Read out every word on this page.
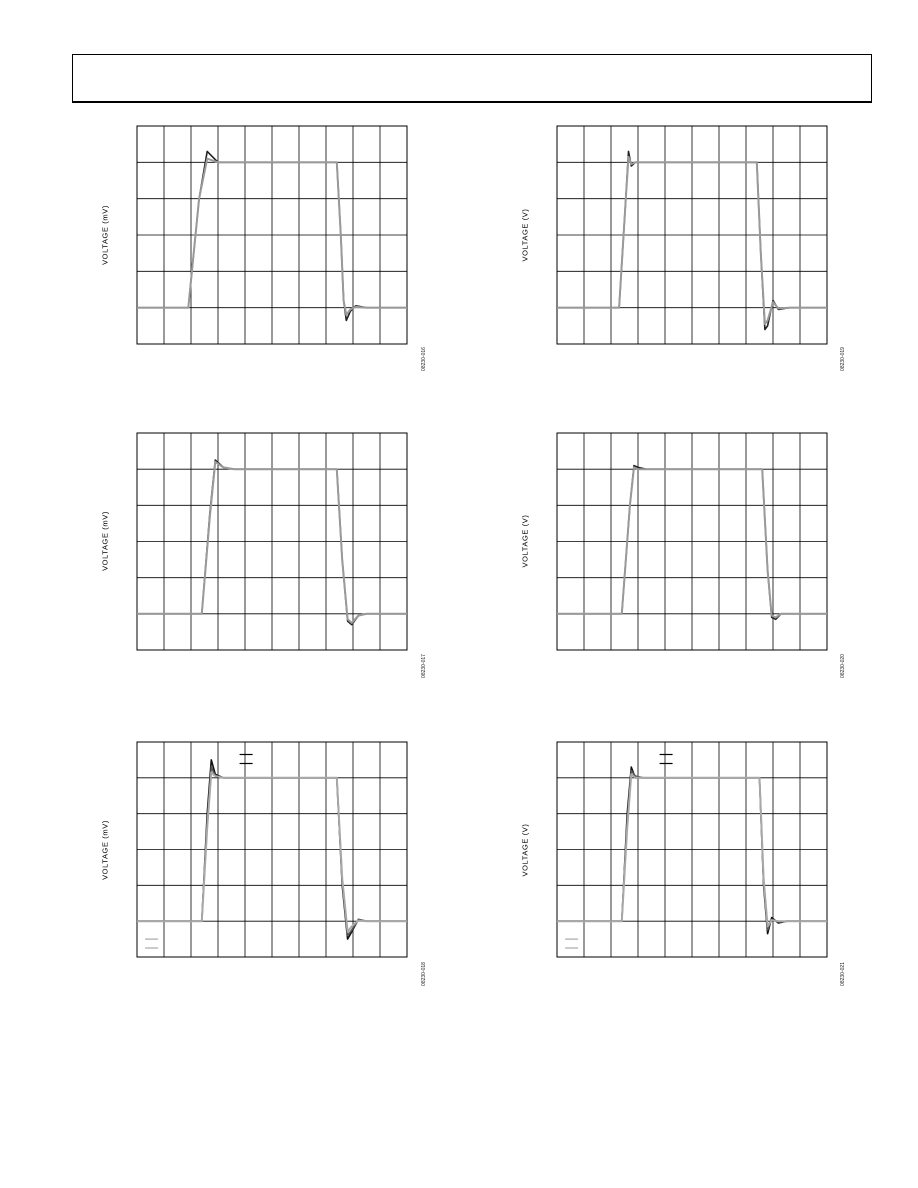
VOLTAGE (mV)
08230-016
VOLTAGE (V)
08230-019
VOLTAGE (mV)
08230-017
VOLTAGE (V)
08230-020
VOLTAGE (mV)
08230-018
VOLTAGE (V)
08230-021
